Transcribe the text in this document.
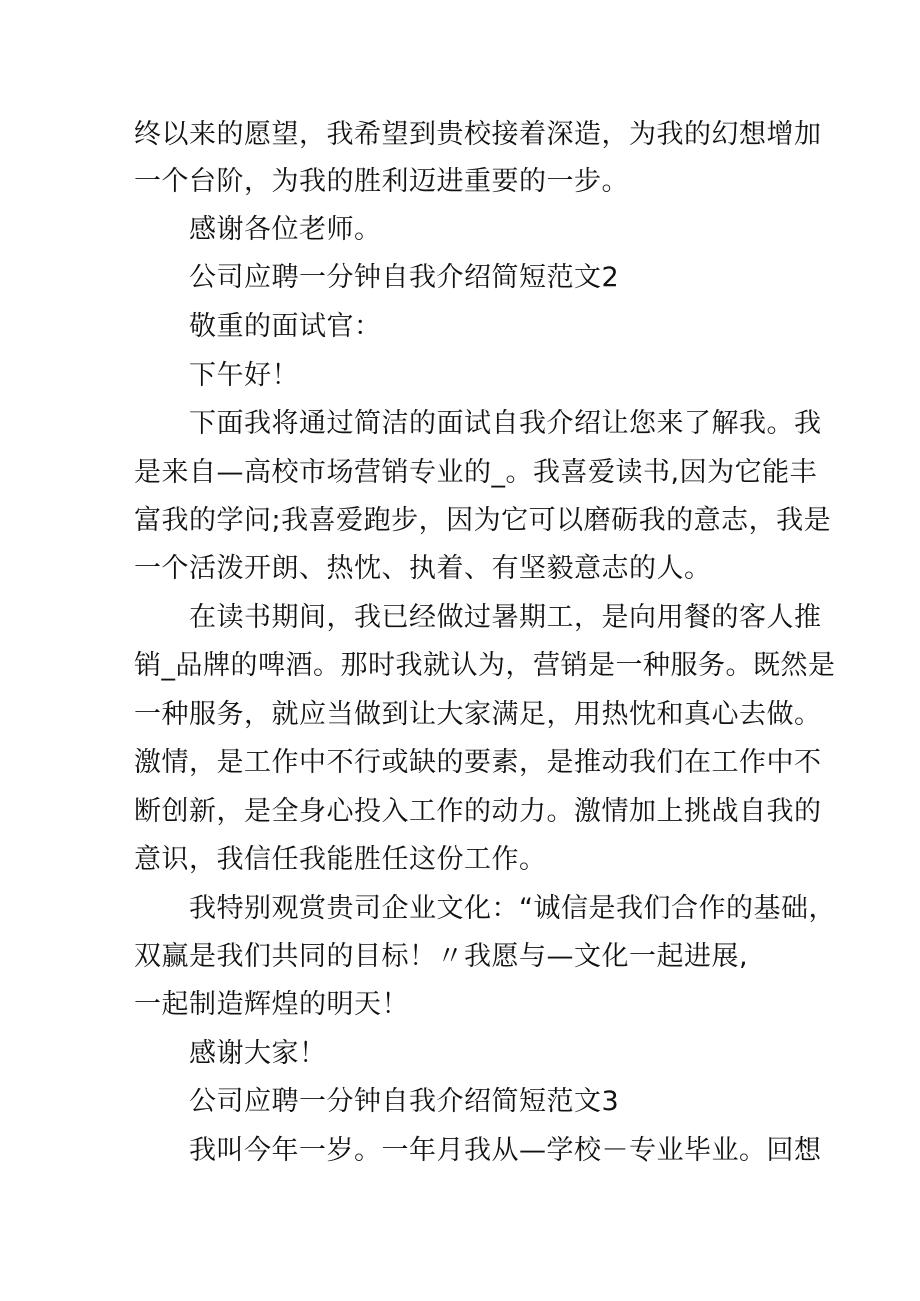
终以来的愿望，我希望到贵校接着深造，为我的幻想增加
一个台阶，为我的胜利迈进重要的一步。
感谢各位老师。
公司应聘一分钟自我介绍简短范文2
敬重的面试官：
下午好！
下面我将通过简洁的面试自我介绍让您来了解我。我
是来自—高校市场营销专业的_。我喜爱读书,因为它能丰
富我的学问;我喜爱跑步，因为它可以磨砺我的意志，我是
一个活泼开朗、热忱、执着、有坚毅意志的人。
在读书期间，我已经做过暑期工，是向用餐的客人推
销_品牌的啤酒。那时我就认为，营销是一种服务。既然是
一种服务，就应当做到让大家满足，用热忱和真心去做。
激情，是工作中不行或缺的要素，是推动我们在工作中不
断创新，是全身心投入工作的动力。激情加上挑战自我的
意识，我信任我能胜任这份工作。
我特别观赏贵司企业文化：“诚信是我们合作的基础，
双赢是我们共同的目标！〃我愿与—文化一起进展,
一起制造辉煌的明天！
感谢大家！
公司应聘一分钟自我介绍简短范文3
我叫今年一岁。一年月我从—学校－专业毕业。回想
